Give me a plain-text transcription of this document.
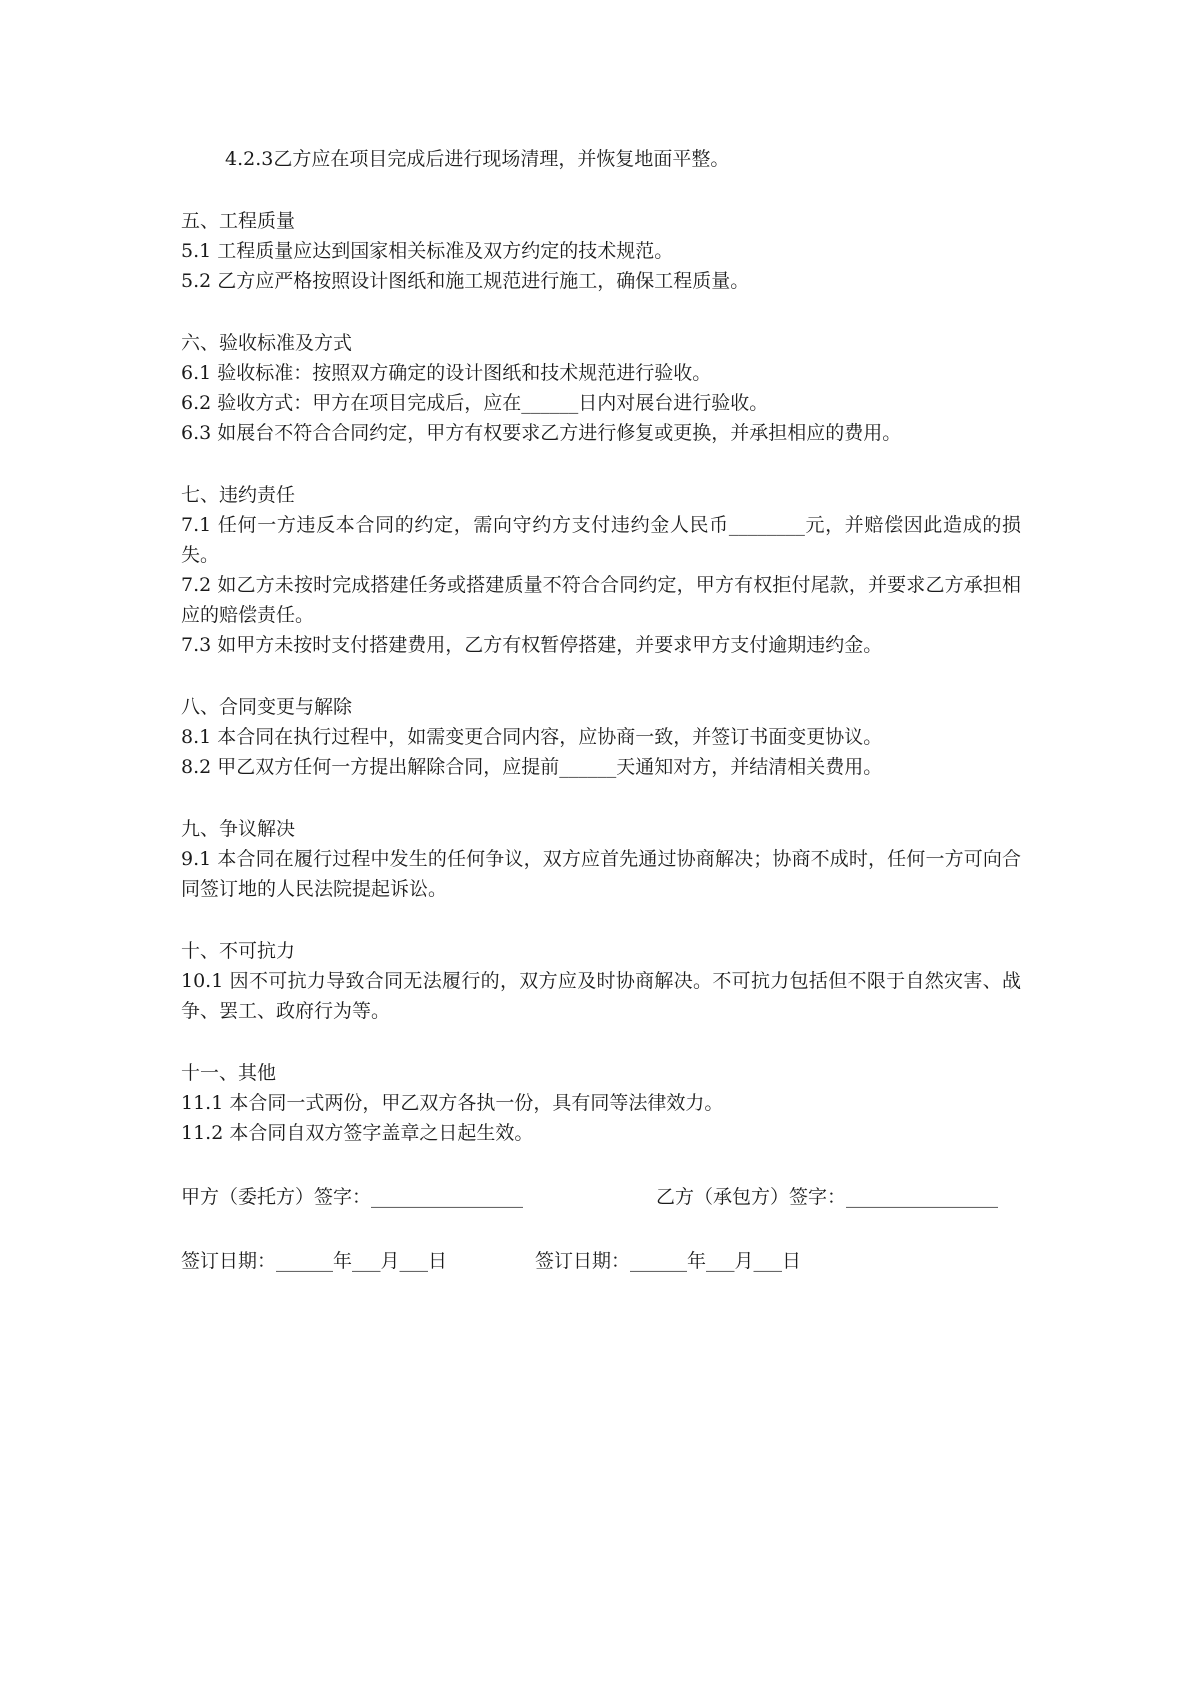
4.2.3乙方应在项目完成后进行现场清理，并恢复地面平整。
五、工程质量
5.1 工程质量应达到国家相关标准及双方约定的技术规范。
5.2 乙方应严格按照设计图纸和施工规范进行施工，确保工程质量。
六、验收标准及方式
6.1 验收标准：按照双方确定的设计图纸和技术规范进行验收。
6.2 验收方式：甲方在项目完成后，应在______日内对展台进行验收。
6.3 如展台不符合合同约定，甲方有权要求乙方进行修复或更换，并承担相应的费用。
七、违约责任
7.1 任何一方违反本合同的约定，需向守约方支付违约金人民币________元，并赔偿因此造成的损失。
7.2 如乙方未按时完成搭建任务或搭建质量不符合合同约定，甲方有权拒付尾款，并要求乙方承担相应的赔偿责任。
7.3 如甲方未按时支付搭建费用，乙方有权暂停搭建，并要求甲方支付逾期违约金。
八、合同变更与解除
8.1 本合同在执行过程中，如需变更合同内容，应协商一致，并签订书面变更协议。
8.2 甲乙双方任何一方提出解除合同，应提前______天通知对方，并结清相关费用。
九、争议解决
9.1 本合同在履行过程中发生的任何争议，双方应首先通过协商解决；协商不成时，任何一方可向合同签订地的人民法院提起诉讼。
十、不可抗力
10.1 因不可抗力导致合同无法履行的，双方应及时协商解决。不可抗力包括但不限于自然灾害、战争、罢工、政府行为等。
十一、其他
11.1 本合同一式两份，甲乙双方各执一份，具有同等法律效力。
11.2 本合同自双方签字盖章之日起生效。
甲方（委托方）签字：________________	乙方（承包方）签字：________________
签订日期：______年___月___日	签订日期：______年___月___日
